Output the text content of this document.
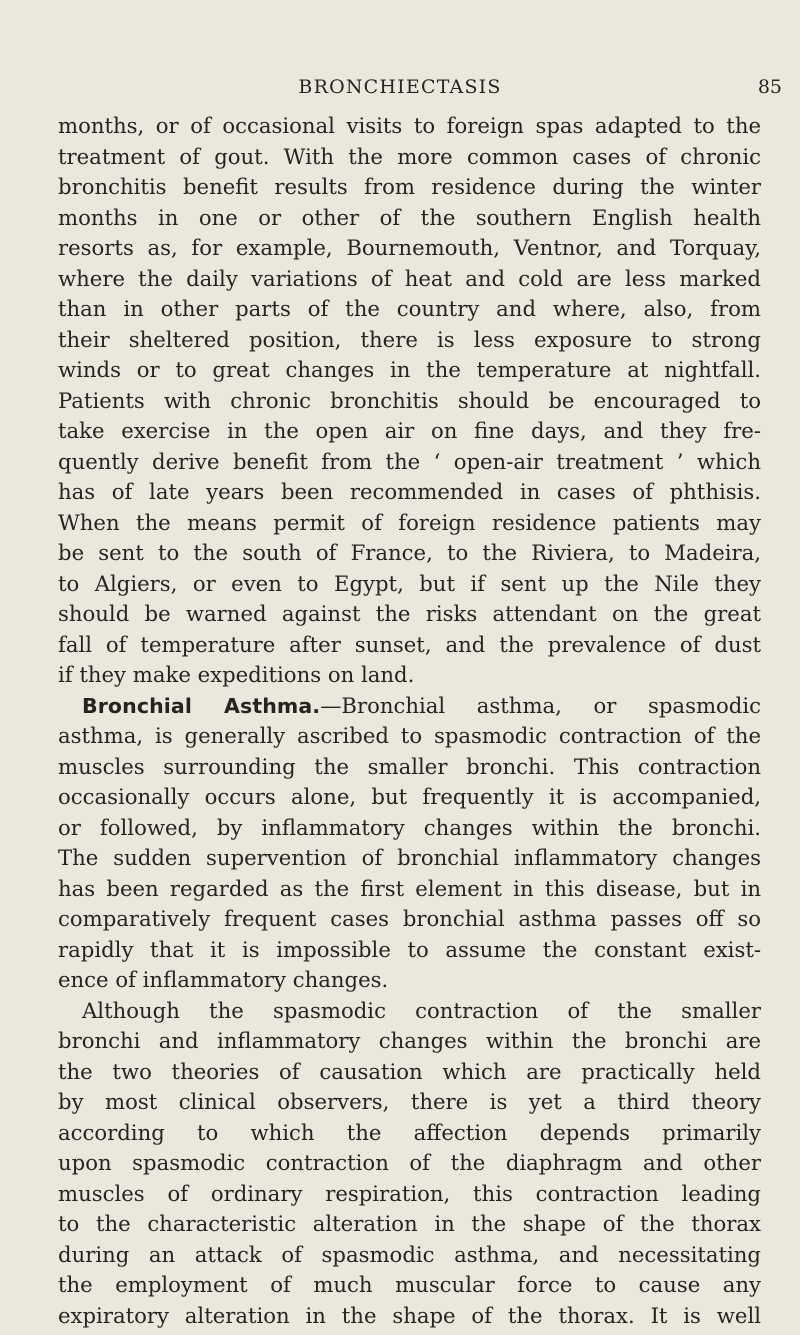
BRONCHIECTASIS	85
months, or of occasional visits to foreign spas adapted to the
treatment of gout. With the more common cases of chronic
bronchitis benefit results from residence during the winter
months in one or other of the southern English health
resorts as, for example, Bournemouth, Ventnor, and Torquay,
where the daily variations of heat and cold are less marked
than in other parts of the country and where, also, from
their sheltered position, there is less exposure to strong
winds or to great changes in the temperature at nightfall.
Patients with chronic bronchitis should be encouraged to
take exercise in the open air on fine days, and they fre-
quently derive benefit from the ‘ open-air treatment ’ which
has of late years been recommended in cases of phthisis.
When the means permit of foreign residence patients may
be sent to the south of France, to the Riviera, to Madeira,
to Algiers, or even to Egypt, but if sent up the Nile they
should be warned against the risks attendant on the great
fall of temperature after sunset, and the prevalence of dust
if they make expeditions on land.
Bronchial Asthma.—Bronchial asthma, or spasmodic
asthma, is generally ascribed to spasmodic contraction of the
muscles surrounding the smaller bronchi. This contraction
occasionally occurs alone, but frequently it is accompanied,
or followed, by inflammatory changes within the bronchi.
The sudden supervention of bronchial inflammatory changes
has been regarded as the first element in this disease, but in
comparatively frequent cases bronchial asthma passes off so
rapidly that it is impossible to assume the constant exist-
ence of inflammatory changes.
Although the spasmodic contraction of the smaller
bronchi and inflammatory changes within the bronchi are
the two theories of causation which are practically held
by most clinical observers, there is yet a third theory
according to which the affection depends primarily
upon spasmodic contraction of the diaphragm and other
muscles of ordinary respiration, this contraction leading
to the characteristic alteration in the shape of the thorax
during an attack of spasmodic asthma, and necessitating
the employment of much muscular force to cause any
expiratory alteration in the shape of the thorax. It is well
